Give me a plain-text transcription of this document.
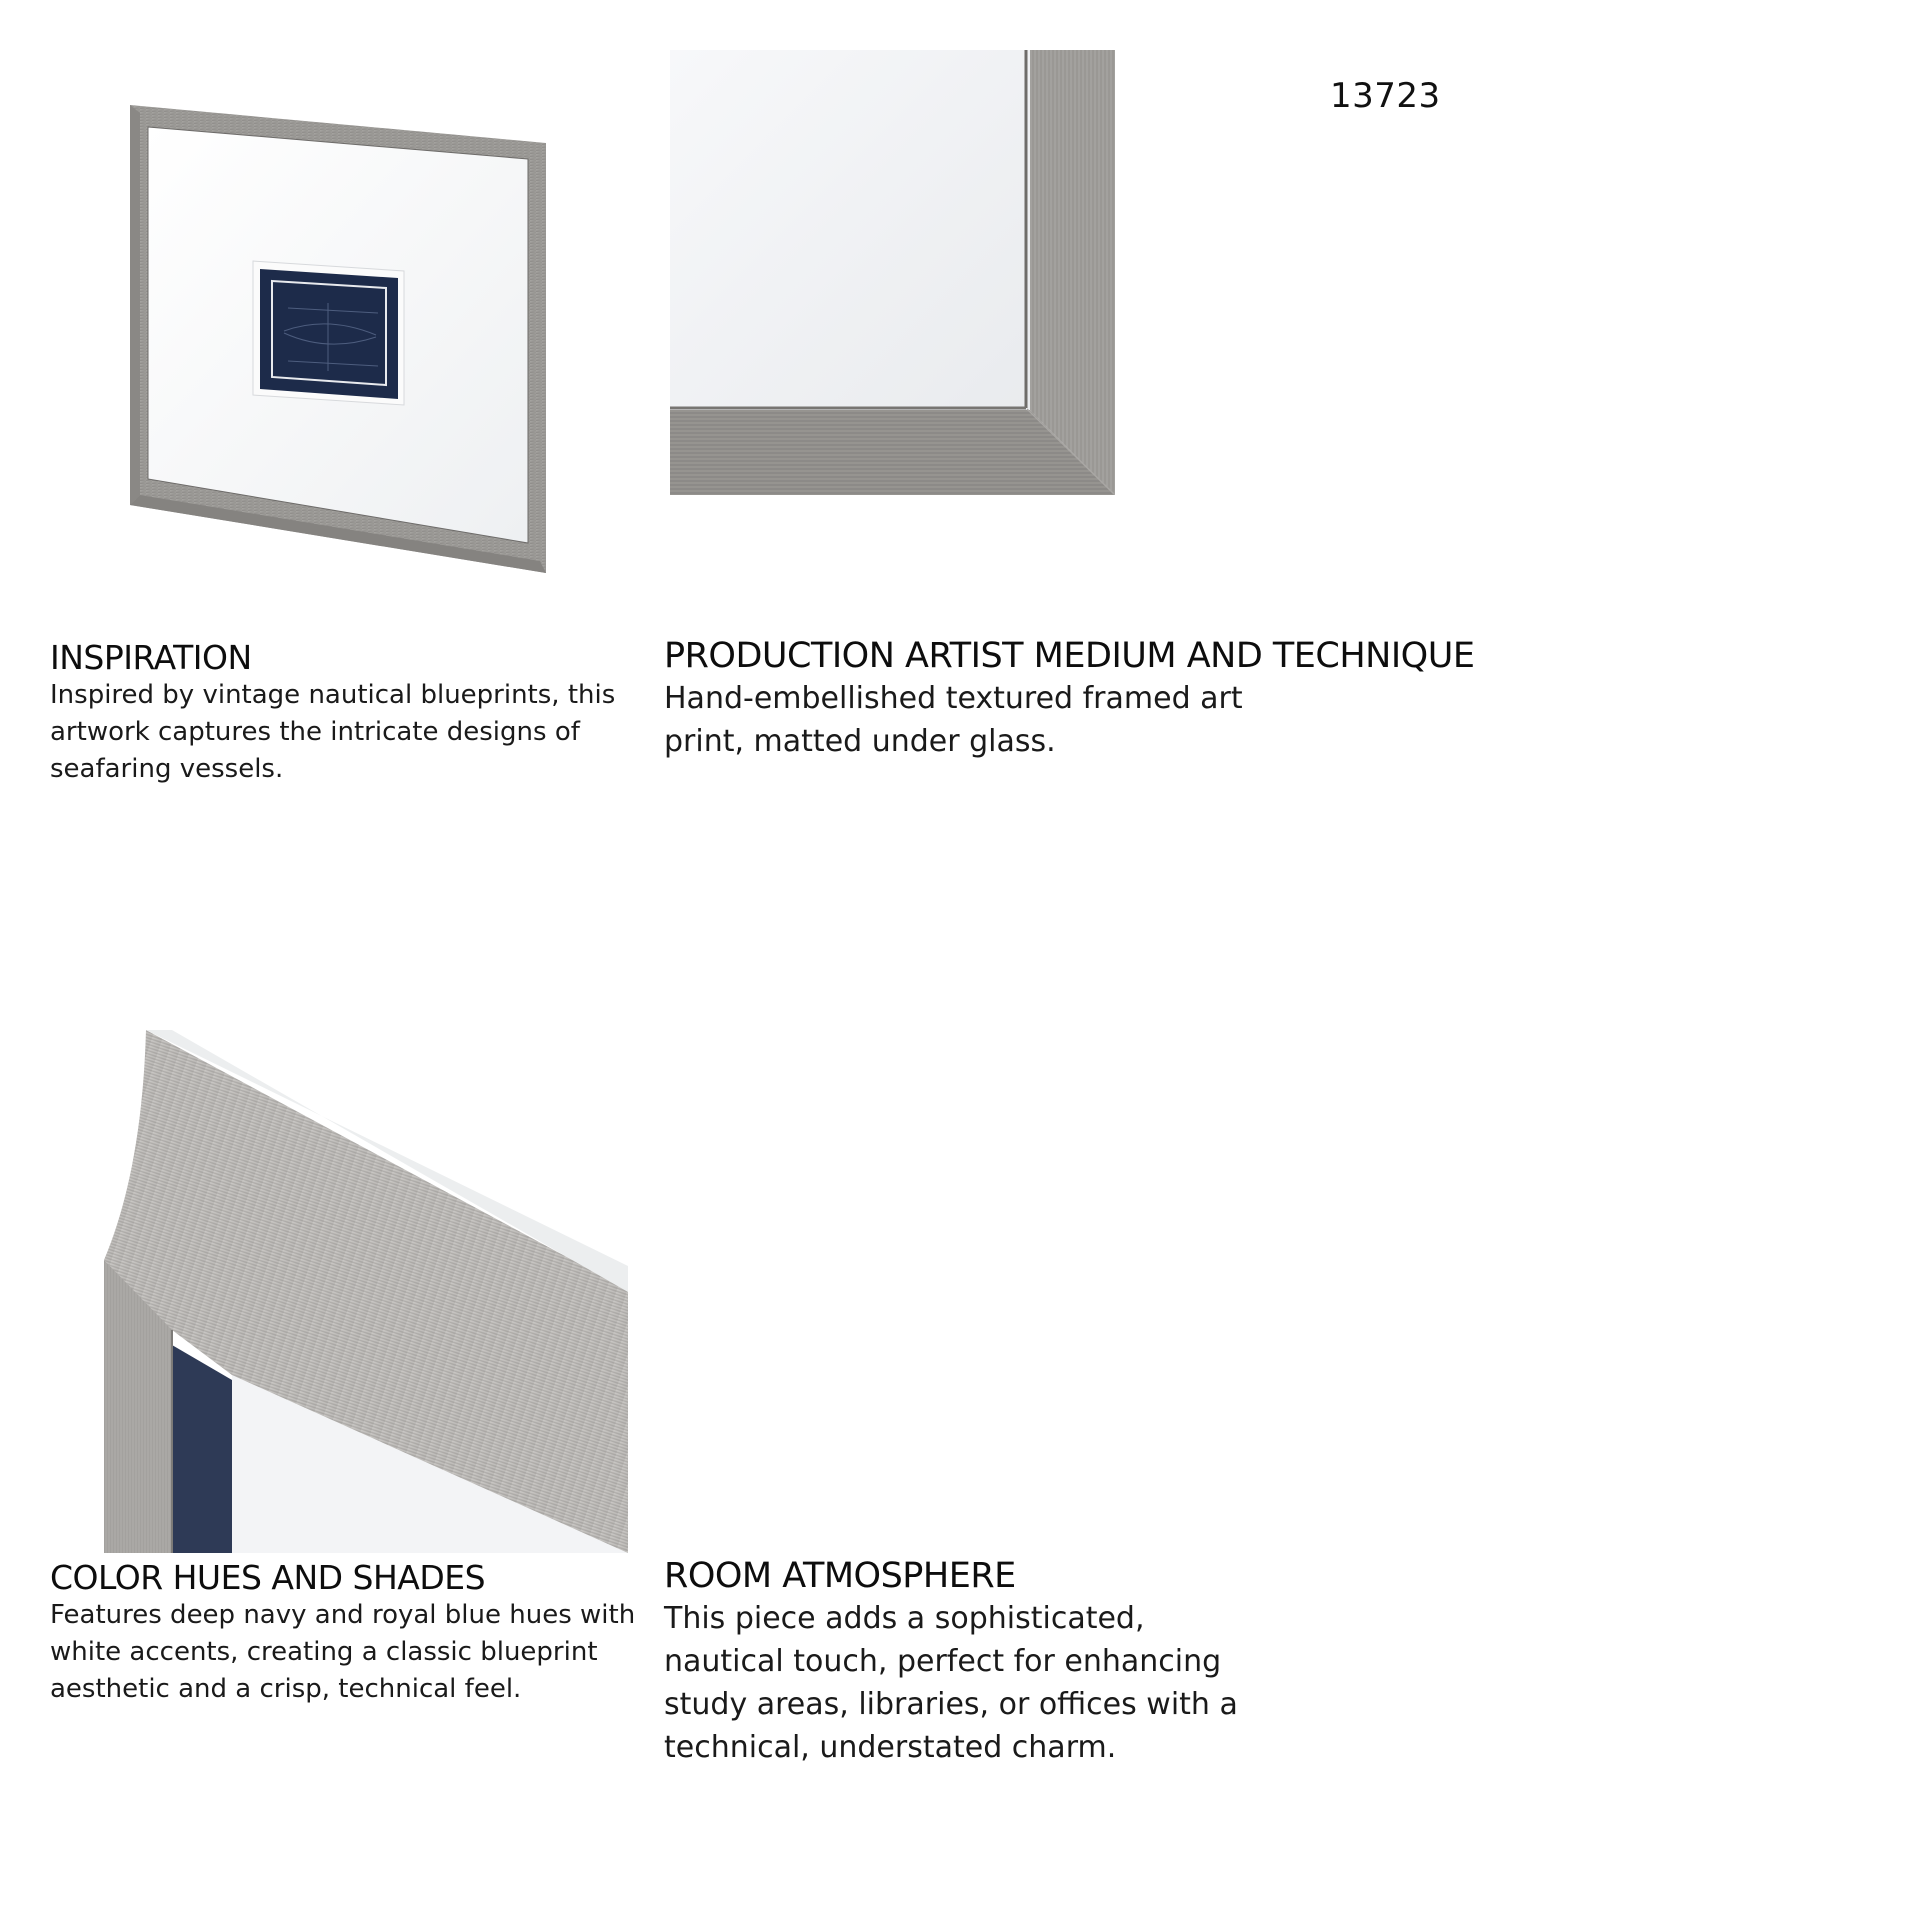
13723
INSPIRATION

Inspired by vintage nautical blueprints, this artwork captures the intricate designs of seafaring vessels.

PRODUCTION ARTIST MEDIUM AND TECHNIQUE

Hand-embellished textured framed art print, matted under glass.

COLOR HUES AND SHADES

Features deep navy and royal blue hues with white accents, creating a classic blueprint aesthetic and a crisp, technical feel.

ROOM ATMOSPHERE

This piece adds a sophisticated, nautical touch, perfect for enhancing study areas, libraries, or offices with a technical, understated charm.
